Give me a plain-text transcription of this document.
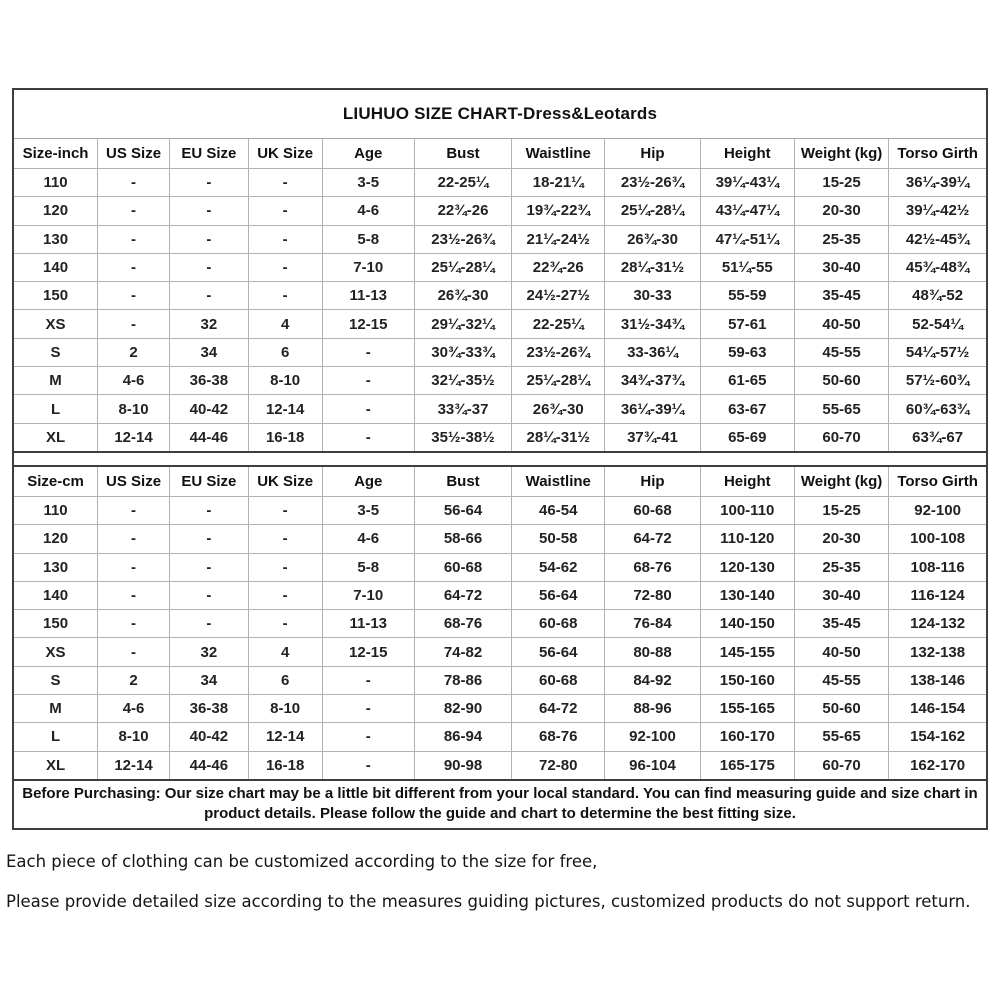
LIUHUO SIZE CHART-Dress&Leotards
Size-inch	US Size	EU Size	UK Size	Age	Bust	Waistline	Hip	Height	Weight (kg)	Torso Girth
110	-	-	-	3-5	22-25¼	18-21¼	23½-26¾	39¼-43¼	15-25	36¼-39¼
120	-	-	-	4-6	22¾-26	19¾-22¾	25¼-28¼	43¼-47¼	20-30	39¼-42½
130	-	-	-	5-8	23½-26¾	21¼-24½	26¾-30	47¼-51¼	25-35	42½-45¾
140	-	-	-	7-10	25¼-28¼	22¾-26	28¼-31½	51¼-55	30-40	45¾-48¾
150	-	-	-	11-13	26¾-30	24½-27½	30-33	55-59	35-45	48¾-52
XS	-	32	4	12-15	29¼-32¼	22-25¼	31½-34¾	57-61	40-50	52-54¼
S	2	34	6	-	30¾-33¾	23½-26¾	33-36¼	59-63	45-55	54¼-57½
M	4-6	36-38	8-10	-	32¼-35½	25¼-28¼	34¾-37¾	61-65	50-60	57½-60¾
L	8-10	40-42	12-14	-	33¾-37	26¾-30	36¼-39¼	63-67	55-65	60¾-63¾
XL	12-14	44-46	16-18	-	35½-38½	28¼-31½	37¾-41	65-69	60-70	63¾-67
Size-cm	US Size	EU Size	UK Size	Age	Bust	Waistline	Hip	Height	Weight (kg)	Torso Girth
110	-	-	-	3-5	56-64	46-54	60-68	100-110	15-25	92-100
120	-	-	-	4-6	58-66	50-58	64-72	110-120	20-30	100-108
130	-	-	-	5-8	60-68	54-62	68-76	120-130	25-35	108-116
140	-	-	-	7-10	64-72	56-64	72-80	130-140	30-40	116-124
150	-	-	-	11-13	68-76	60-68	76-84	140-150	35-45	124-132
XS	-	32	4	12-15	74-82	56-64	80-88	145-155	40-50	132-138
S	2	34	6	-	78-86	60-68	84-92	150-160	45-55	138-146
M	4-6	36-38	8-10	-	82-90	64-72	88-96	155-165	50-60	146-154
L	8-10	40-42	12-14	-	86-94	68-76	92-100	160-170	55-65	154-162
XL	12-14	44-46	16-18	-	90-98	72-80	96-104	165-175	60-70	162-170
Before Purchasing: Our size chart may be a little bit different from your local standard. You can find measuring guide and size chart in product details. Please follow the guide and chart to determine the best fitting size.

Each piece of clothing can be customized according to the size for free,

Please provide detailed size according to the measures guiding pictures, customized products do not support return.
